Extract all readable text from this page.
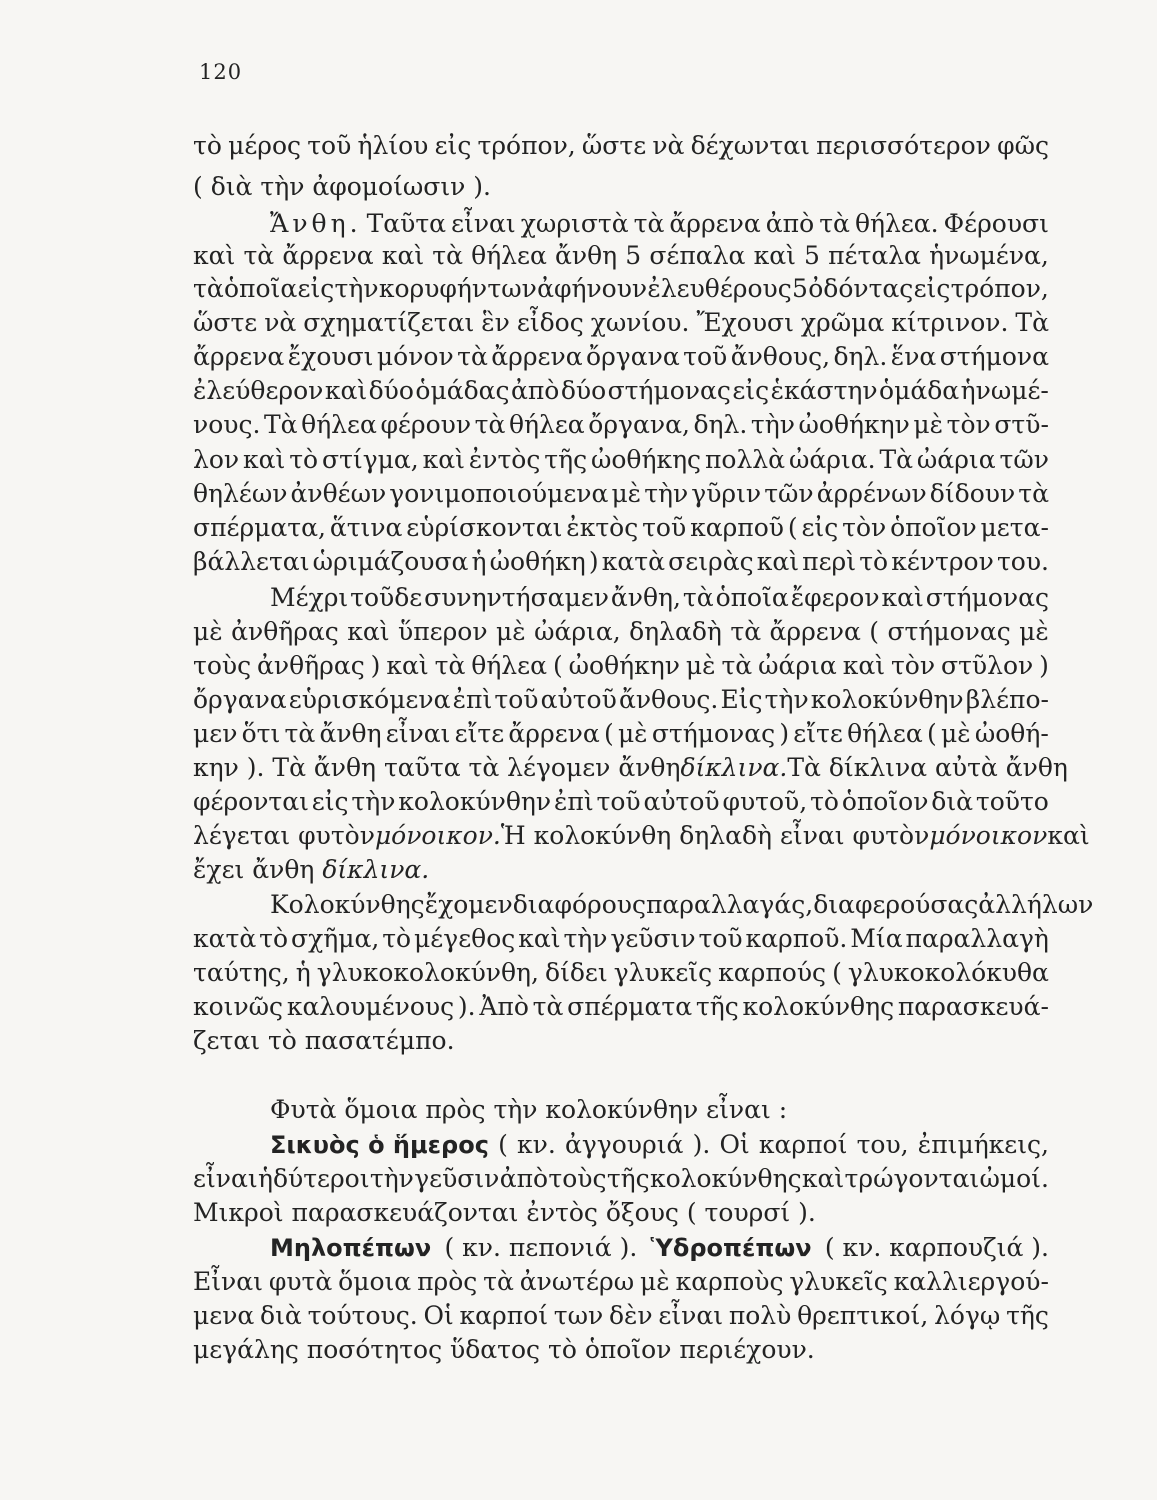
120
τὸ μέρος τοῦ ἡλίου εἰς τρόπον, ὥστε νὰ δέχωνται περισσότερον φῶς
( διὰ τὴν ἀφομοίωσιν ).
Ἄνθη. Ταῦτα εἶναι χωριστὰ τὰ ἄρρενα ἀπὸ τὰ θήλεα. Φέρουσι
καὶ τὰ ἄρρενα καὶ τὰ θήλεα ἄνθη 5 σέπαλα καὶ 5 πέταλα ἡνωμένα,
τὰ ὁποῖα εἰς τὴν κορυφήν των ἀφήνουν ἐλευθέρους 5 ὀδόντας εἰς τρόπον,
ὥστε νὰ σχηματίζεται ἓν εἶδος χωνίου. Ἔχουσι χρῶμα κίτρινον. Τὰ
ἄρρενα ἔχουσι μόνον τὰ ἄρρενα ὄργανα τοῦ ἄνθους, δηλ. ἕνα στήμονα
ἐλεύθερον καὶ δύο ὁμάδας ἀπὸ δύο στήμονας εἰς ἑκάστην ὁμάδα ἡνωμέ-
νους. Τὰ θήλεα φέρουν τὰ θήλεα ὄργανα, δηλ. τὴν ὠοθήκην μὲ τὸν στῦ-
λον καὶ τὸ στίγμα, καὶ ἐντὸς τῆς ὠοθήκης πολλὰ ὠάρια. Τὰ ὠάρια τῶν
θηλέων ἀνθέων γονιμοποιούμενα μὲ τὴν γῦριν τῶν ἀρρένων δίδουν τὰ
σπέρματα, ἅτινα εὑρίσκονται ἐκτὸς τοῦ καρποῦ ( εἰς τὸν ὁποῖον μετα-
βάλλεται ὡριμάζουσα ἡ ὠοθήκη ) κατὰ σειρὰς καὶ περὶ τὸ κέντρον του.
Μέχρι τοῦδε συνηντήσαμεν ἄνθη, τὰ ὁποῖα ἔφερον καὶ στήμονας
μὲ ἀνθῆρας καὶ ὕπερον μὲ ὠάρια, δηλαδὴ τὰ ἄρρενα ( στήμονας μὲ
τοὺς ἀνθῆρας ) καὶ τὰ θήλεα ( ὠοθήκην μὲ τὰ ὠάρια καὶ τὸν στῦλον )
ὄργανα εὑρισκόμενα ἐπὶ τοῦ αὐτοῦ ἄνθους. Εἰς τὴν κολοκύνθην βλέπο-
μεν ὅτι τὰ ἄνθη εἶναι εἴτε ἄρρενα ( μὲ στήμονας ) εἴτε θήλεα ( μὲ ὠοθή-
κην ). Τὰ ἄνθη ταῦτα τὰ λέγομεν ἄνθη δίκλινα. Τὰ δίκλινα αὐτὰ ἄνθη
φέρονται εἰς τὴν κολοκύνθην ἐπὶ τοῦ αὐτοῦ φυτοῦ, τὸ ὁποῖον διὰ τοῦτο
λέγεται φυτὸν μόνοικον. Ἡ κολοκύνθη δηλαδὴ εἶναι φυτὸν μόνοικον καὶ
ἔχει ἄνθη δίκλινα.
Κολοκύνθης ἔχομεν διαφόρους παραλλαγάς, διαφερούσας ἀλλήλων
κατὰ τὸ σχῆμα, τὸ μέγεθος καὶ τὴν γεῦσιν τοῦ καρποῦ. Μία παραλλαγὴ
ταύτης, ἡ γλυκοκολοκύνθη, δίδει γλυκεῖς καρπούς ( γλυκοκολόκυθα
κοινῶς καλουμένους ). Ἀπὸ τὰ σπέρματα τῆς κολοκύνθης παρασκευά-
ζεται τὸ πασατέμπο.
Φυτὰ ὅμοια πρὸς τὴν κολοκύνθην εἶναι :
Σικυὸς ὁ ἥμερος ( κν. ἀγγουριά ). Οἱ καρποί του, ἐπιμήκεις,
εἶναι ἡδύτεροι τὴν γεῦσιν ἀπὸ τοὺς τῆς κολοκύνθης καὶ τρώγονται ὠμοί.
Μικροὶ παρασκευάζονται ἐντὸς ὄξους ( τουρσί ).
Μηλοπέπων ( κν. πεπονιά ). Ὑδροπέπων ( κν. καρπουζιά ).
Εἶναι φυτὰ ὅμοια πρὸς τὰ ἀνωτέρω μὲ καρποὺς γλυκεῖς καλλιεργού-
μενα διὰ τούτους. Οἱ καρποί των δὲν εἶναι πολὺ θρεπτικοί, λόγῳ τῆς
μεγάλης ποσότητος ὕδατος τὸ ὁποῖον περιέχουν.
